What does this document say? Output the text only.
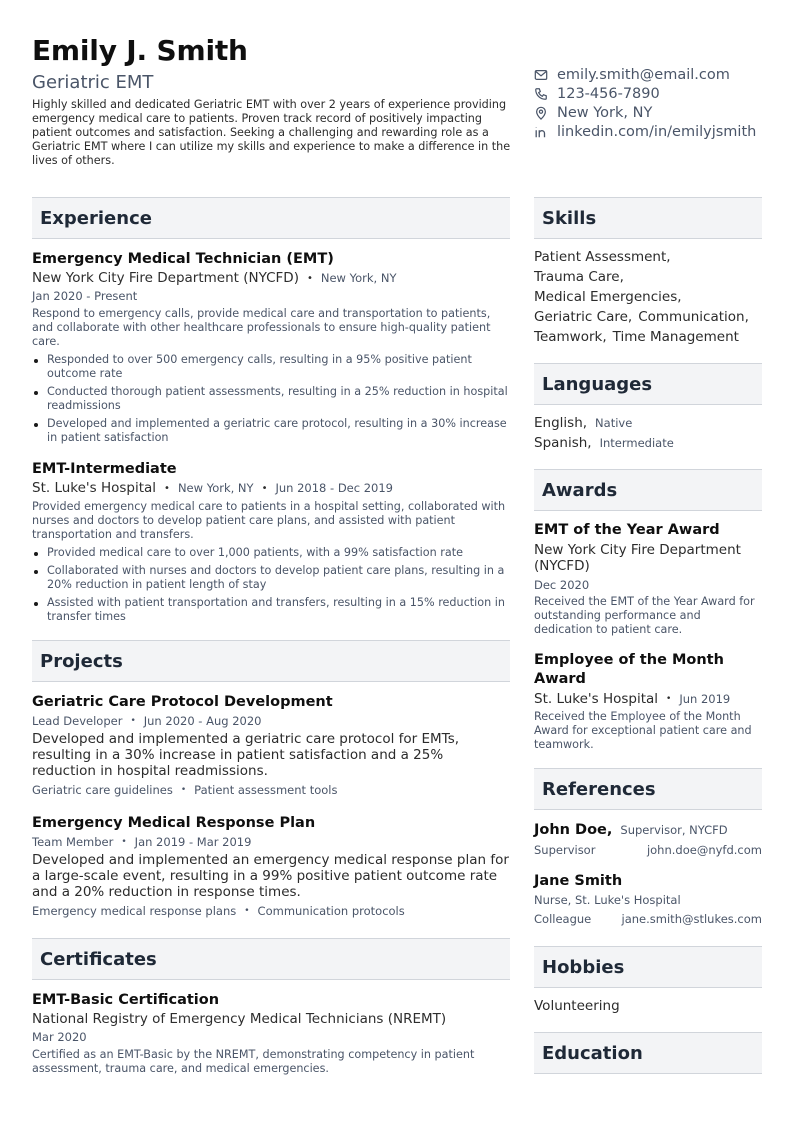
Emily J. Smith
Geriatric EMT
Highly skilled and dedicated Geriatric EMT with over 2 years of experience providing emergency medical care to patients. Proven track record of positively impacting patient outcomes and satisfaction. Seeking a challenging and rewarding role as a Geriatric EMT where I can utilize my skills and experience to make a difference in the lives of others.
emily.smith@email.com
123-456-7890
New York, NY
linkedin.com/in/emilyjsmith
Experience
Emergency Medical Technician (EMT)
New York City Fire Department (NYCFD) • New York, NY
Jan 2020 - Present
Respond to emergency calls, provide medical care and transportation to patients, and collaborate with other healthcare professionals to ensure high-quality patient care.
Responded to over 500 emergency calls, resulting in a 95% positive patient outcome rate
Conducted thorough patient assessments, resulting in a 25% reduction in hospital readmissions
Developed and implemented a geriatric care protocol, resulting in a 30% increase in patient satisfaction
EMT-Intermediate
St. Luke's Hospital • New York, NY • Jun 2018 - Dec 2019
Provided emergency medical care to patients in a hospital setting, collaborated with nurses and doctors to develop patient care plans, and assisted with patient transportation and transfers.
Provided medical care to over 1,000 patients, with a 99% satisfaction rate
Collaborated with nurses and doctors to develop patient care plans, resulting in a 20% reduction in patient length of stay
Assisted with patient transportation and transfers, resulting in a 15% reduction in transfer times
Projects
Geriatric Care Protocol Development
Lead Developer • Jun 2020 - Aug 2020
Developed and implemented a geriatric care protocol for EMTs, resulting in a 30% increase in patient satisfaction and a 25% reduction in hospital readmissions.
Geriatric care guidelines • Patient assessment tools
Emergency Medical Response Plan
Team Member • Jan 2019 - Mar 2019
Developed and implemented an emergency medical response plan for a large-scale event, resulting in a 99% positive patient outcome rate and a 20% reduction in response times.
Emergency medical response plans • Communication protocols
Certificates
EMT-Basic Certification
National Registry of Emergency Medical Technicians (NREMT)
Mar 2020
Certified as an EMT-Basic by the NREMT, demonstrating competency in patient assessment, trauma care, and medical emergencies.
Skills
Patient Assessment,
Trauma Care,
Medical Emergencies,
Geriatric Care, Communication,
Teamwork, Time Management
Languages
English, Native
Spanish, Intermediate
Awards
EMT of the Year Award
New York City Fire Department (NYCFD)
Dec 2020
Received the EMT of the Year Award for outstanding performance and dedication to patient care.
Employee of the Month Award
St. Luke's Hospital • Jun 2019
Received the Employee of the Month Award for exceptional patient care and teamwork.
References
John Doe, Supervisor, NYCFD
Supervisor	john.doe@nyfd.com
Jane Smith
Nurse, St. Luke's Hospital
Colleague	jane.smith@stlukes.com
Hobbies
Volunteering
Education
